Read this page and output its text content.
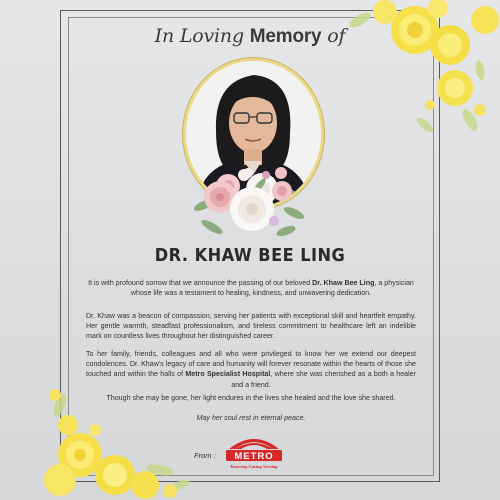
In Loving Memory of
DR. KHAW BEE LING
It is with profound sorrow that we announce the passing of our beloved Dr. Khaw Bee Ling, a physician whose life was a testament to healing, kindness, and unwavering dedication.
Dr. Khaw was a beacon of compassion, serving her patients with exceptional skill and heartfelt empathy. Her gentle warmth, steadfast professionalism, and tireless commitment to healthcare left an indelible mark on countless lives throughout her distinguished career.
To her family, friends, colleagues and all who were privileged to know her we extend our deepest condolences. Dr. Khaw's legacy of care and humanity will forever resonate within the hearts of those she touched and within the halls of Metro Specialist Hospital, where she was cherished as a both a healer and a friend.
Though she may be gone, her light endures in the lives she healed and the love she shared.
May her soul rest in eternal peace.
From : METRO
Knowing Caring Serving
